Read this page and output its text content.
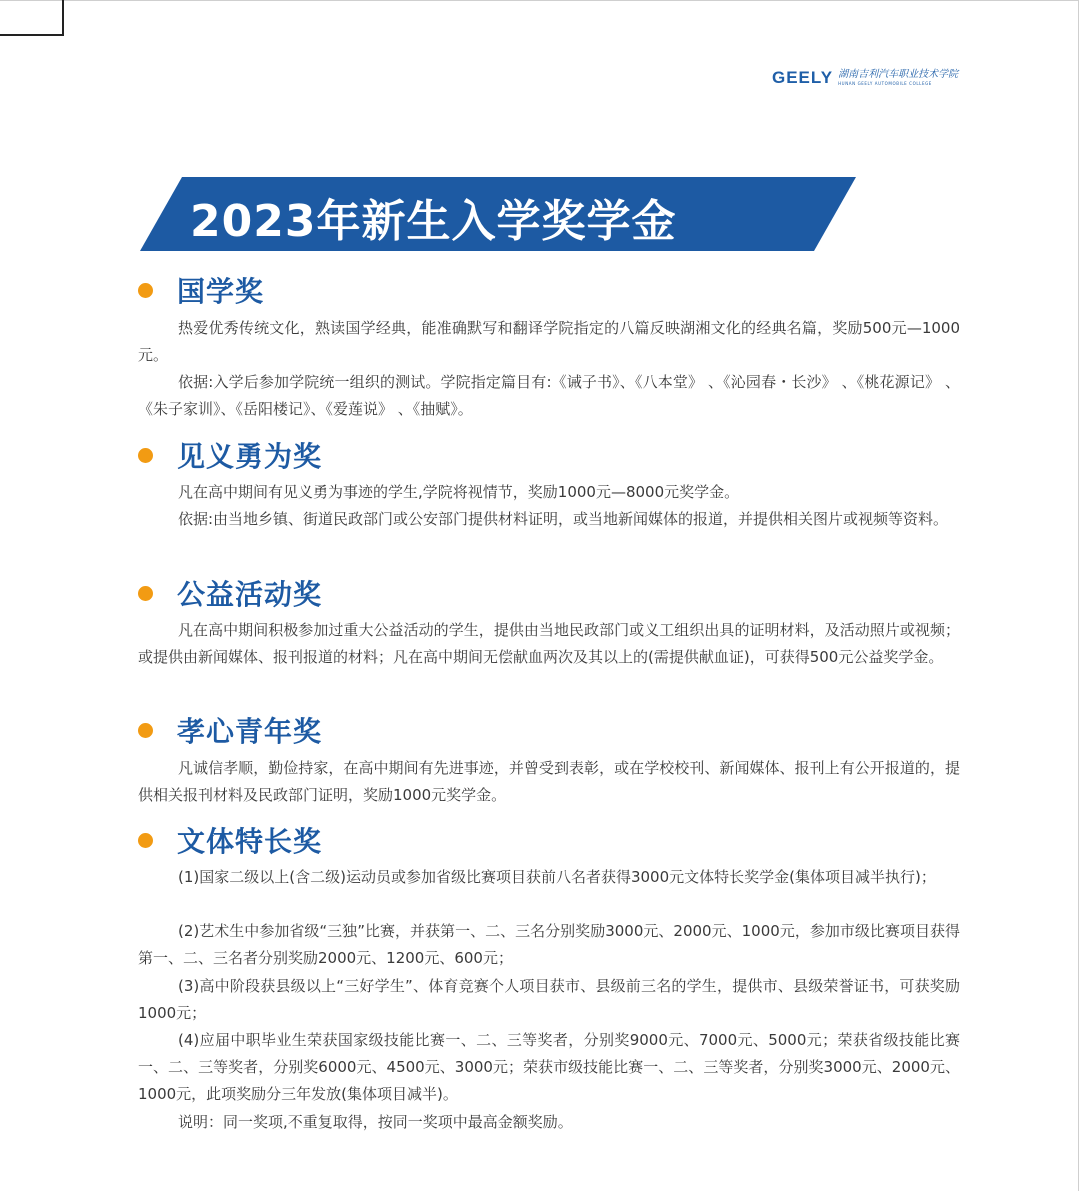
GEELY 湖南吉利汽车职业技术学院
HUNAN GEELY AUTOMOBILE COLLEGE
2023年新生入学奖学金
国学奖

热爱优秀传统文化，熟读国学经典，能准确默写和翻译学院指定的八篇反映湖湘文化的经典名篇，奖励500元—1000元。

依据:入学后参加学院统一组织的测试。学院指定篇目有:《诫子书》、《八本堂》 、《沁园春・长沙》 、《桃花源记》 、《朱子家训》、《岳阳楼记》、《爱莲说》 、《抽赋》。

见义勇为奖

凡在高中期间有见义勇为事迹的学生,学院将视情节，奖励1000元—8000元奖学金。

依据:由当地乡镇、街道民政部门或公安部门提供材料证明，或当地新闻媒体的报道，并提供相关图片或视频等资料。

公益活动奖

凡在高中期间积极参加过重大公益活动的学生，提供由当地民政部门或义工组织出具的证明材料，及活动照片或视频；或提供由新闻媒体、报刊报道的材料；凡在高中期间无偿献血两次及其以上的(需提供献血证)，可获得500元公益奖学金。

孝心青年奖

凡诚信孝顺，勤俭持家，在高中期间有先进事迹，并曾受到表彰，或在学校校刊、新闻媒体、报刊上有公开报道的，提供相关报刊材料及民政部门证明，奖励1000元奖学金。

文体特长奖

(1)国家二级以上(含二级)运动员或参加省级比赛项目获前八名者获得3000元文体特长奖学金(集体项目减半执行)；

(2)艺术生中参加省级“三独”比赛，并获第一、二、三名分别奖励3000元、2000元、1000元，参加市级比赛项目获得第一、二、三名者分别奖励2000元、1200元、600元；

(3)高中阶段获县级以上“三好学生”、体育竞赛个人项目获市、县级前三名的学生，提供市、县级荣誉证书，可获奖励1000元；

(4)应届中职毕业生荣获国家级技能比赛一、二、三等奖者，分别奖9000元、7000元、5000元；荣获省级技能比赛一、二、三等奖者，分别奖6000元、4500元、3000元；荣获市级技能比赛一、二、三等奖者，分别奖3000元、2000元、1000元，此项奖励分三年发放(集体项目减半)。

说明：同一奖项,不重复取得，按同一奖项中最高金额奖励。
